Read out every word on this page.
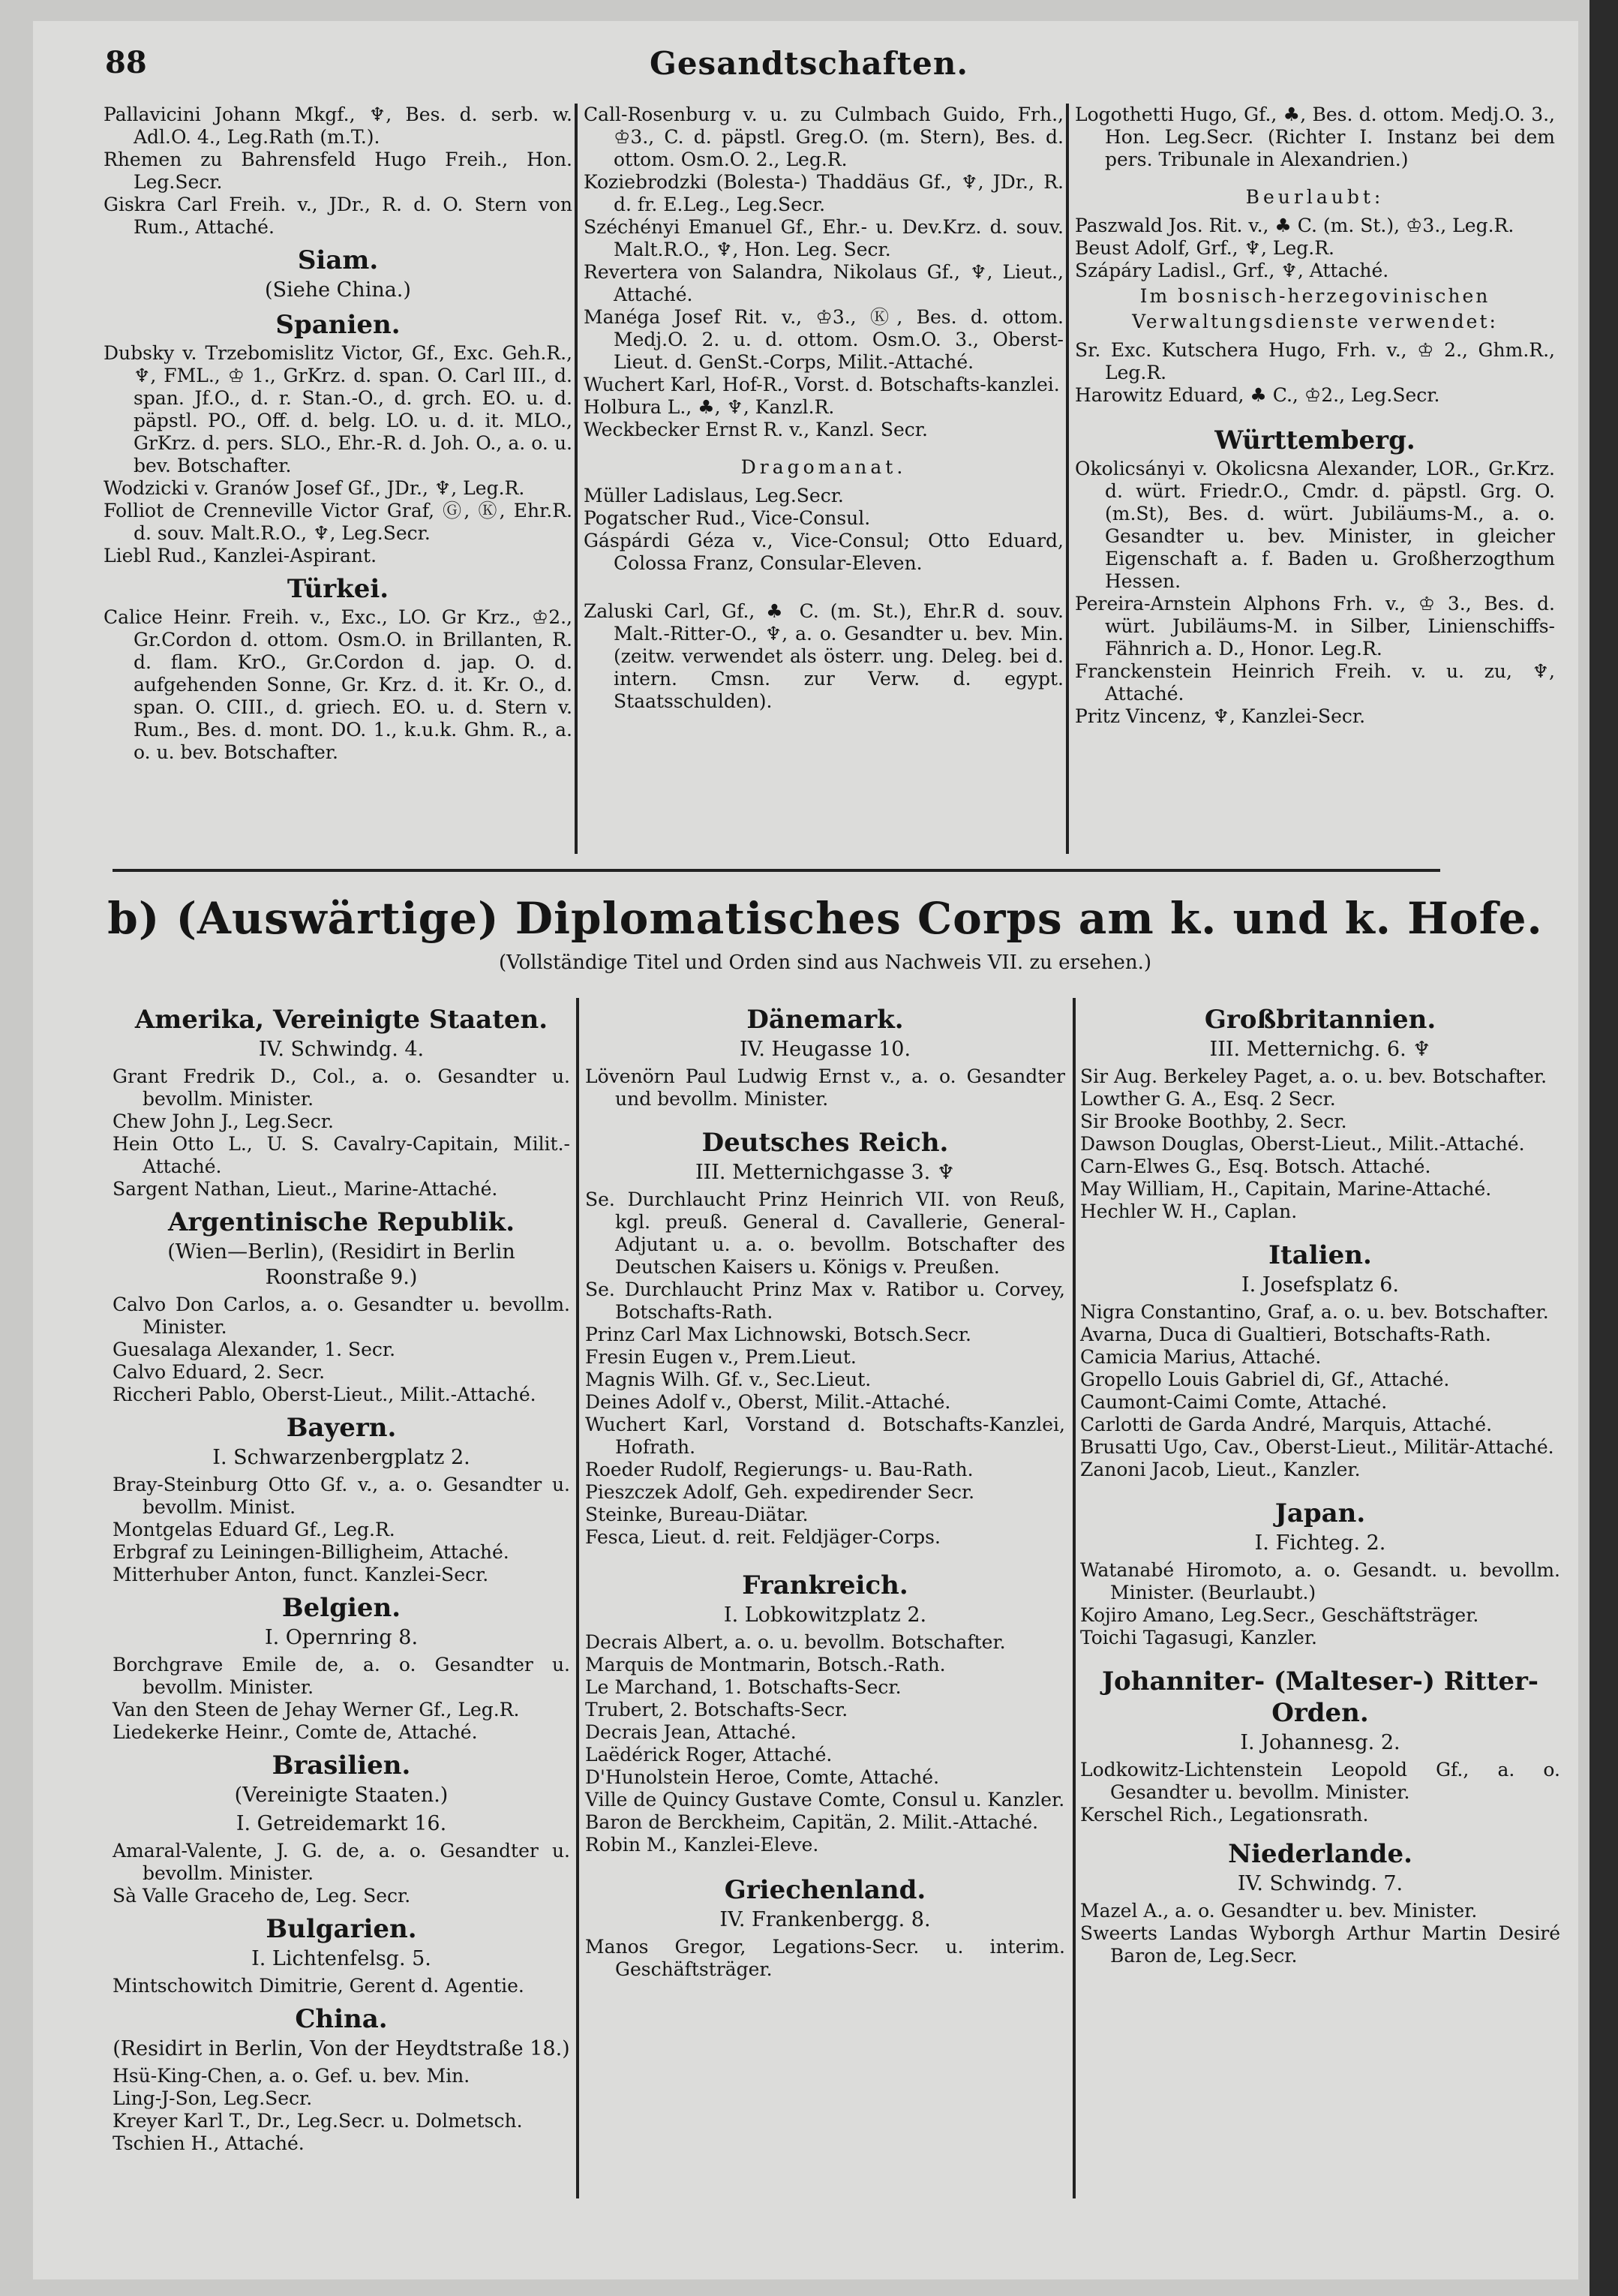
88	Gesandtschaften.

Pallavicini Johann Mkgf., ♆, Bes. d. serb. w. Adl.O. 4., Leg.Rath (m.T.).

Rhemen zu Bahrensfeld Hugo Freih., Hon. Leg.Secr.

Giskra Carl Freih. v., JDr., R. d. O. Stern von Rum., Attaché.

Siam.
(Siehe China.)
Spanien.

Dubsky v. Trzebomislitz Victor, Gf., Exc. Geh.R., ♆, FML., ♔ 1., GrKrz. d. span. O. Carl III., d. span. Jf.O., d. r. Stan.-O., d. grch. EO. u. d. päpstl. PO., Off. d. belg. LO. u. d. it. MLO., GrKrz. d. pers. SLO., Ehr.-R. d. Joh. O., a. o. u. bev. Botschafter.

Wodzicki v. Granów Josef Gf., JDr., ♆, Leg.R.

Folliot de Crenneville Victor Graf, Ⓖ, Ⓚ, Ehr.R. d. souv. Malt.R.O., ♆, Leg.Secr.

Liebl Rud., Kanzlei-Aspirant.

Türkei.

Calice Heinr. Freih. v., Exc., LO. Gr Krz., ♔2., Gr.Cordon d. ottom. Osm.O. in Brillanten, R. d. flam. KrO., Gr.Cordon d. jap. O. d. aufgehenden Sonne, Gr. Krz. d. it. Kr. O., d. span. O. CIII., d. griech. EO. u. d. Stern v. Rum., Bes. d. mont. DO. 1., k.u.k. Ghm. R., a. o. u. bev. Botschafter.

Call-Rosenburg v. u. zu Culmbach Guido, Frh., ♔3., C. d. päpstl. Greg.O. (m. Stern), Bes. d. ottom. Osm.O. 2., Leg.R.

Koziebrodzki (Bolesta-) Thaddäus Gf., ♆, JDr., R. d. fr. E.Leg., Leg.Secr.

Széchényi Emanuel Gf., Ehr.- u. Dev.Krz. d. souv. Malt.R.O., ♆, Hon. Leg. Secr.

Revertera von Salandra, Nikolaus Gf., ♆, Lieut., Attaché.

Manéga Josef Rit. v., ♔3., Ⓚ, Bes. d. ottom. Medj.O. 2. u. d. ottom. Osm.O. 3., Oberst-Lieut. d. GenSt.-Corps, Milit.-Attaché.

Wuchert Karl, Hof-R., Vorst. d. Botschafts-kanzlei.

Holbura L., ♣, ♆, Kanzl.R.

Weckbecker Ernst R. v., Kanzl. Secr.

Dragomanat.

Müller Ladislaus, Leg.Secr.

Pogatscher Rud., Vice-Consul.

Gáspárdi Géza v., Vice-Consul; Otto Eduard, Colossa Franz, Consular-Eleven.

Zaluski Carl, Gf., ♣ C. (m. St.), Ehr.R d. souv. Malt.-Ritter-O., ♆, a. o. Gesandter u. bev. Min. (zeitw. verwendet als österr. ung. Deleg. bei d. intern. Cmsn. zur Verw. d. egypt. Staatsschulden).

Logothetti Hugo, Gf., ♣, Bes. d. ottom. Medj.O. 3., Hon. Leg.Secr. (Richter I. Instanz bei dem pers. Tribunale in Alexandrien.)

Beurlaubt:

Paszwald Jos. Rit. v., ♣ C. (m. St.), ♔3., Leg.R.

Beust Adolf, Grf., ♆, Leg.R.

Szápáry Ladisl., Grf., ♆, Attaché.

Im bosnisch-herzegovinischen Verwaltungsdienste verwendet:

Sr. Exc. Kutschera Hugo, Frh. v., ♔ 2., Ghm.R., Leg.R.

Harowitz Eduard, ♣ C., ♔2., Leg.Secr.

Württemberg.

Okolicsányi v. Okolicsna Alexander, LOR., Gr.Krz. d. würt. Friedr.O., Cmdr. d. päpstl. Grg. O. (m.St), Bes. d. würt. Jubiläums-M., a. o. Gesandter u. bev. Minister, in gleicher Eigenschaft a. f. Baden u. Großherzogthum Hessen.

Pereira-Arnstein Alphons Frh. v., ♔ 3., Bes. d. würt. Jubiläums-M. in Silber, Linienschiffs-Fähnrich a. D., Honor. Leg.R.

Franckenstein Heinrich Freih. v. u. zu, ♆, Attaché.

Pritz Vincenz, ♆, Kanzlei-Secr.

b) (Auswärtige) Diplomatisches Corps am k. und k. Hofe.
(Vollständige Titel und Orden sind aus Nachweis VII. zu ersehen.)
Amerika, Vereinigte Staaten.
IV. Schwindg. 4.

Grant Fredrik D., Col., a. o. Gesandter u. bevollm. Minister.

Chew John J., Leg.Secr.

Hein Otto L., U. S. Cavalry-Capitain, Milit.-Attaché.

Sargent Nathan, Lieut., Marine-Attaché.

Argentinische Republik.
(Wien—Berlin), (Residirt in Berlin Roonstraße 9.)

Calvo Don Carlos, a. o. Gesandter u. bevollm. Minister.

Guesalaga Alexander, 1. Secr.

Calvo Eduard, 2. Secr.

Riccheri Pablo, Oberst-Lieut., Milit.-Attaché.

Bayern.
I. Schwarzenbergplatz 2.

Bray-Steinburg Otto Gf. v., a. o. Gesandter u. bevollm. Minist.

Montgelas Eduard Gf., Leg.R.

Erbgraf zu Leiningen-Billigheim, Attaché.

Mitterhuber Anton, funct. Kanzlei-Secr.

Belgien.
I. Opernring 8.

Borchgrave Emile de, a. o. Gesandter u. bevollm. Minister.

Van den Steen de Jehay Werner Gf., Leg.R.

Liedekerke Heinr., Comte de, Attaché.

Brasilien.
(Vereinigte Staaten.)
I. Getreidemarkt 16.

Amaral-Valente, J. G. de, a. o. Gesandter u. bevollm. Minister.

Sà Valle Graceho de, Leg. Secr.

Bulgarien.
I. Lichtenfelsg. 5.

Mintschowitch Dimitrie, Gerent d. Agentie.

China.
(Residirt in Berlin, Von der Heydtstraße 18.)

Hsü-King-Chen, a. o. Gef. u. bev. Min.

Ling-J-Son, Leg.Secr.

Kreyer Karl T., Dr., Leg.Secr. u. Dolmetsch.

Tschien H., Attaché.

Dänemark.
IV. Heugasse 10.

Lövenörn Paul Ludwig Ernst v., a. o. Gesandter und bevollm. Minister.

Deutsches Reich.
III. Metternichgasse 3. ♆

Se. Durchlaucht Prinz Heinrich VII. von Reuß, kgl. preuß. General d. Cavallerie, General-Adjutant u. a. o. bevollm. Botschafter des Deutschen Kaisers u. Königs v. Preußen.

Se. Durchlaucht Prinz Max v. Ratibor u. Corvey, Botschafts-Rath.

Prinz Carl Max Lichnowski, Botsch.Secr.

Fresin Eugen v., Prem.Lieut.

Magnis Wilh. Gf. v., Sec.Lieut.

Deines Adolf v., Oberst, Milit.-Attaché.

Wuchert Karl, Vorstand d. Botschafts-Kanzlei, Hofrath.

Roeder Rudolf, Regierungs- u. Bau-Rath.

Pieszczek Adolf, Geh. expedirender Secr.

Steinke, Bureau-Diätar.

Fesca, Lieut. d. reit. Feldjäger-Corps.

Frankreich.
I. Lobkowitzplatz 2.

Decrais Albert, a. o. u. bevollm. Botschafter.

Marquis de Montmarin, Botsch.-Rath.

Le Marchand, 1. Botschafts-Secr.

Trubert, 2. Botschafts-Secr.

Decrais Jean, Attaché.

Laëdérick Roger, Attaché.

D'Hunolstein Heroe, Comte, Attaché.

Ville de Quincy Gustave Comte, Consul u. Kanzler.

Baron de Berckheim, Capitän, 2. Milit.-Attaché.

Robin M., Kanzlei-Eleve.

Griechenland.
IV. Frankenbergg. 8.

Manos Gregor, Legations-Secr. u. interim. Geschäftsträger.

Großbritannien.
III. Metternichg. 6. ♆

Sir Aug. Berkeley Paget, a. o. u. bev. Botschafter.

Lowther G. A., Esq. 2 Secr.

Sir Brooke Boothby, 2. Secr.

Dawson Douglas, Oberst-Lieut., Milit.-Attaché.

Carn-Elwes G., Esq. Botsch. Attaché.

May William, H., Capitain, Marine-Attaché.

Hechler W. H., Caplan.

Italien.
I. Josefsplatz 6.

Nigra Constantino, Graf, a. o. u. bev. Botschafter.

Avarna, Duca di Gualtieri, Botschafts-Rath.

Camicia Marius, Attaché.

Gropello Louis Gabriel di, Gf., Attaché.

Caumont-Caimi Comte, Attaché.

Carlotti de Garda André, Marquis, Attaché.

Brusatti Ugo, Cav., Oberst-Lieut., Militär-Attaché.

Zanoni Jacob, Lieut., Kanzler.

Japan.
I. Fichteg. 2.

Watanabé Hiromoto, a. o. Gesandt. u. bevollm. Minister. (Beurlaubt.)

Kojiro Amano, Leg.Secr., Geschäftsträger.

Toichi Tagasugi, Kanzler.

Johanniter- (Malteser-) Ritter-Orden.
I. Johannesg. 2.

Lodkowitz-Lichtenstein Leopold Gf., a. o. Gesandter u. bevollm. Minister.

Kerschel Rich., Legationsrath.

Niederlande.
IV. Schwindg. 7.

Mazel A., a. o. Gesandter u. bev. Minister.

Sweerts Landas Wyborgh Arthur Martin Desiré Baron de, Leg.Secr.
